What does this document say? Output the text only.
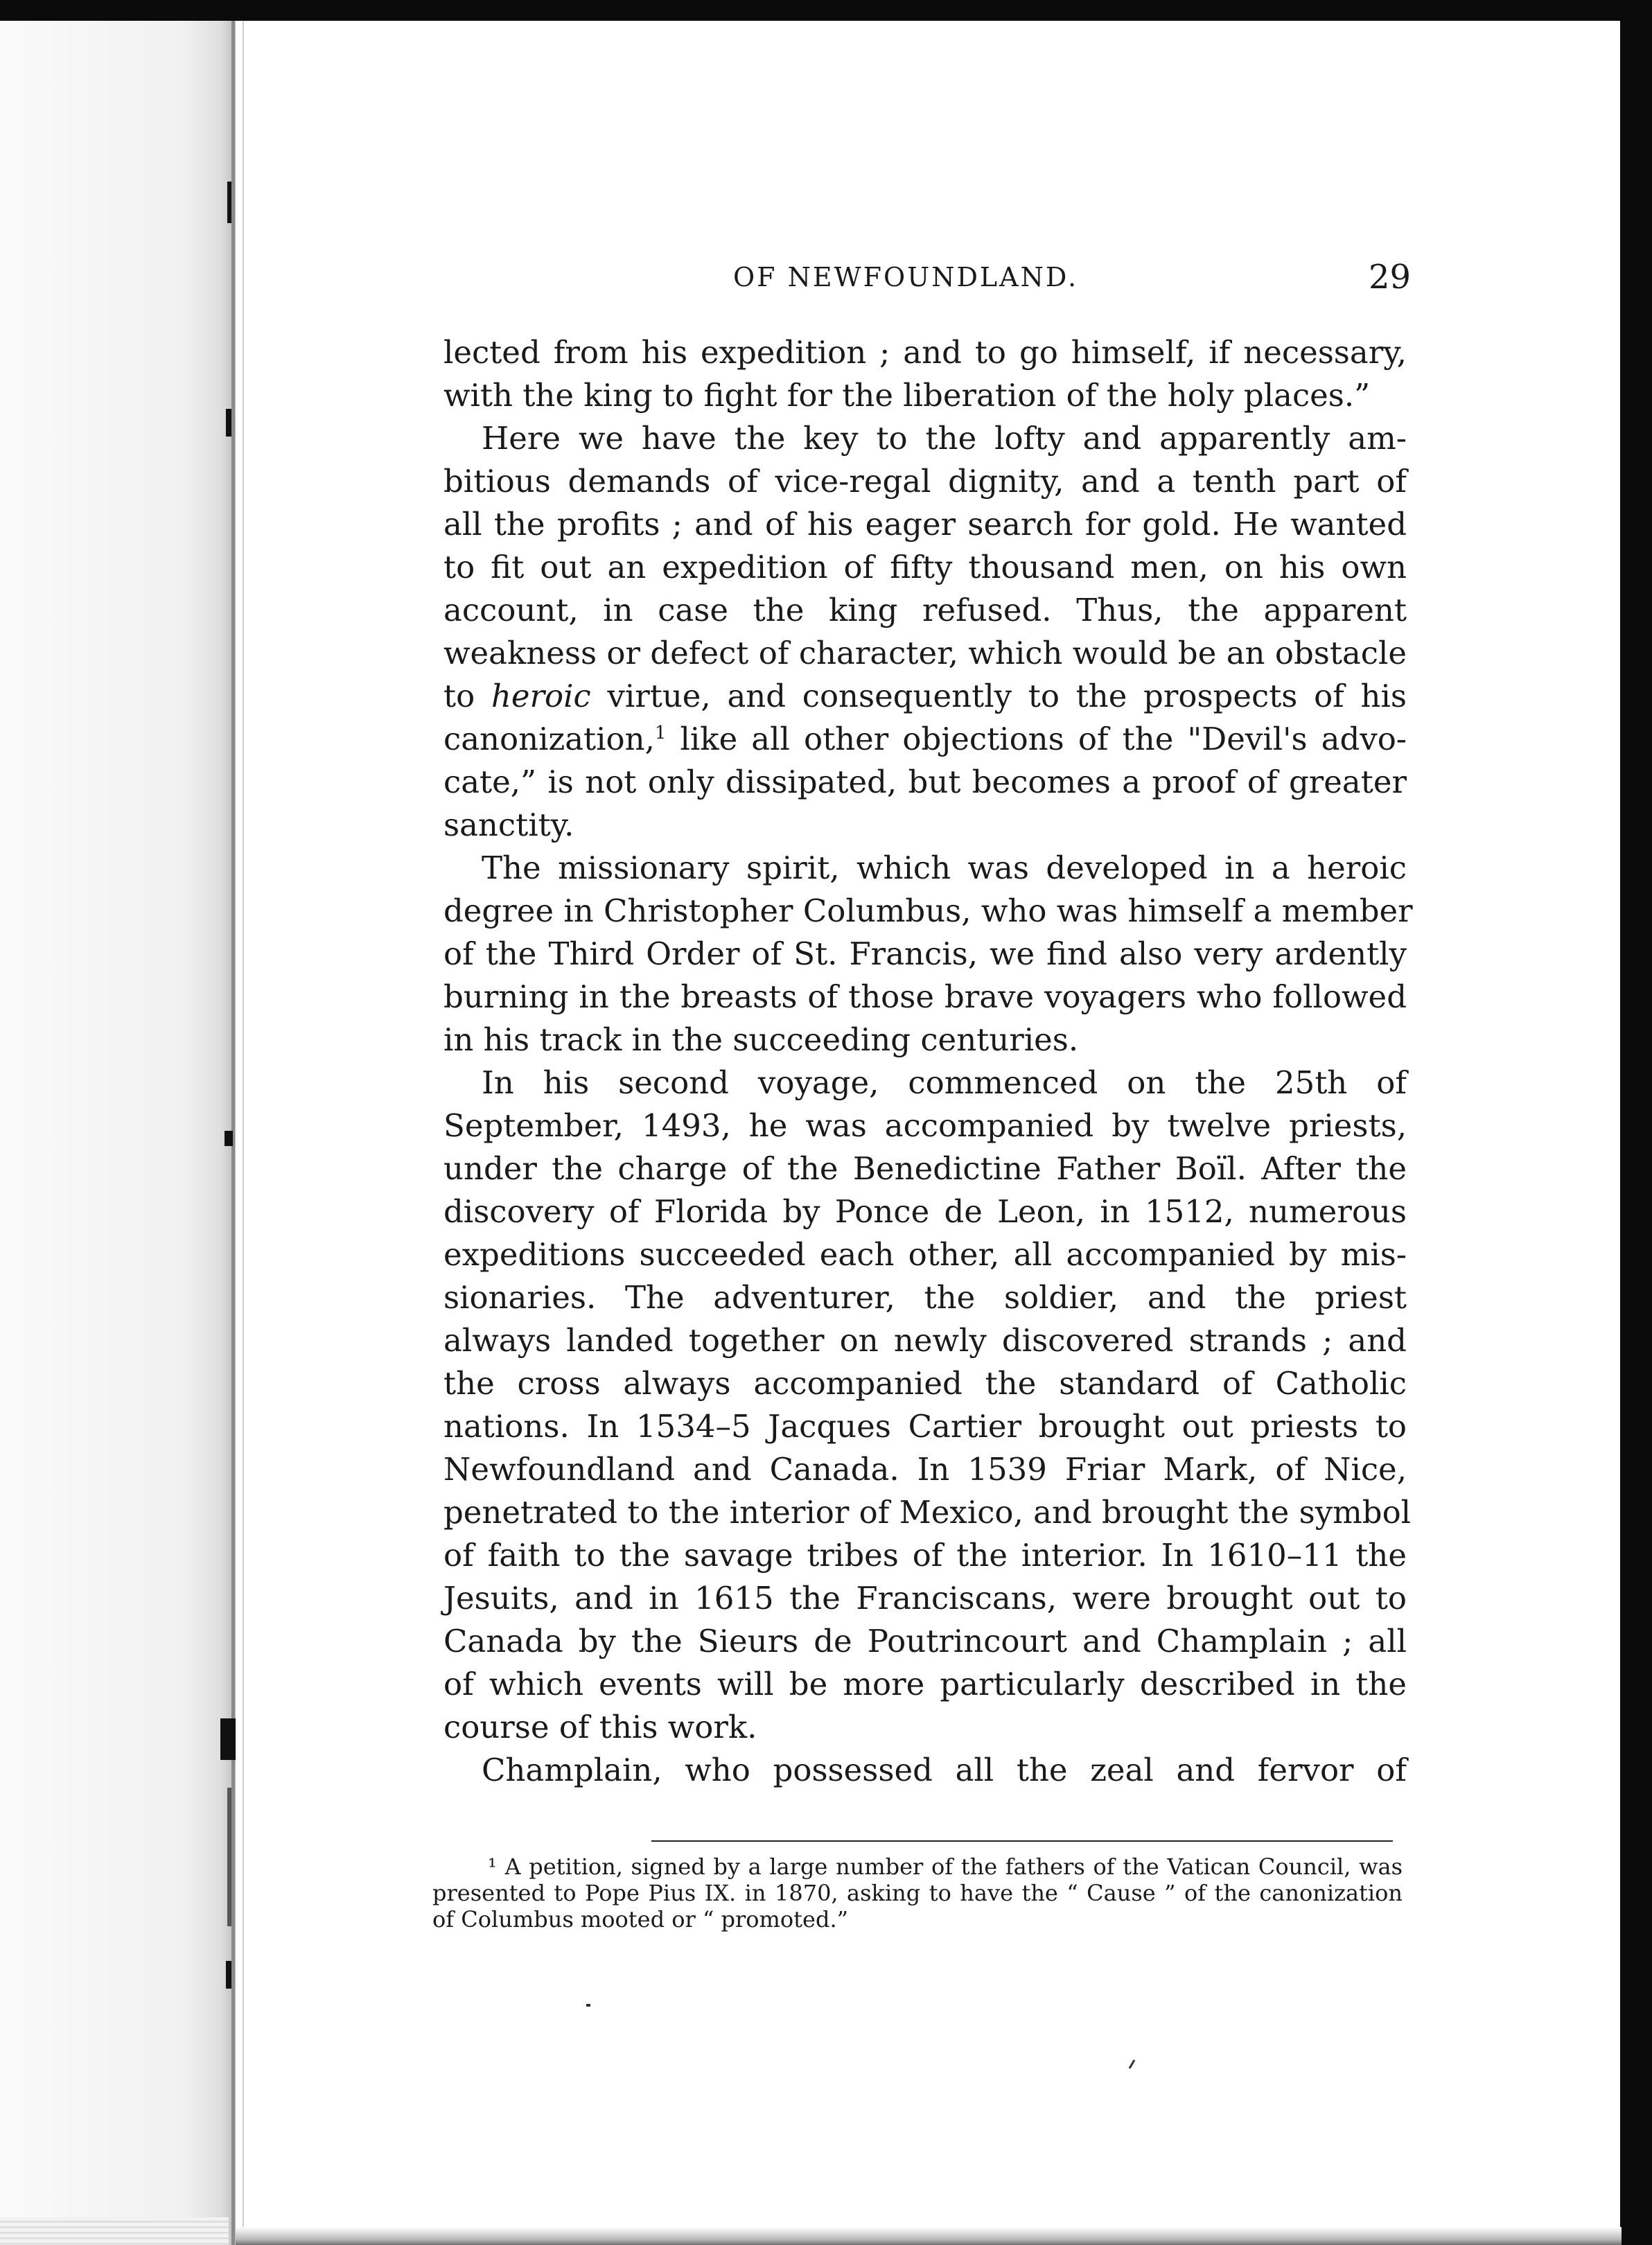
OF NEWFOUNDLAND.	29

lected from his expedition ; and to go himself, if necessary,

with the king to fight for the liberation of the holy places.”

Here we have the key to the lofty and apparently am-

bitious demands of vice-regal dignity, and a tenth part of

all the profits ; and of his eager search for gold. He wanted

to fit out an expedition of fifty thousand men, on his own

account, in case the king refused. Thus, the apparent

weakness or defect of character, which would be an obstacle

to heroic virtue, and consequently to the prospects of his

canonization,$^1$ like all other objections of the "Devil's advo-

cate,” is not only dissipated, but becomes a proof of greater

sanctity.

The missionary spirit, which was developed in a heroic

degree in Christopher Columbus, who was himself a member

of the Third Order of St. Francis, we find also very ardently

burning in the breasts of those brave voyagers who followed

in his track in the succeeding centuries.

In his second voyage, commenced on the 25th of

September, 1493, he was accompanied by twelve priests,

under the charge of the Benedictine Father Boïl. After the

discovery of Florida by Ponce de Leon, in 1512, numerous

expeditions succeeded each other, all accompanied by mis-

sionaries. The adventurer, the soldier, and the priest

always landed together on newly discovered strands ; and

the cross always accompanied the standard of Catholic

nations. In 1534–5 Jacques Cartier brought out priests to

Newfoundland and Canada. In 1539 Friar Mark, of Nice,

penetrated to the interior of Mexico, and brought the symbol

of faith to the savage tribes of the interior. In 1610–11 the

Jesuits, and in 1615 the Franciscans, were brought out to

Canada by the Sieurs de Poutrincourt and Champlain ; all

of which events will be more particularly described in the

course of this work.

Champlain, who possessed all the zeal and fervor of

¹ A petition, signed by a large number of the fathers of the Vatican Council, was

presented to Pope Pius IX. in 1870, asking to have the “ Cause ” of the canonization

of Columbus mooted or “ promoted.”
